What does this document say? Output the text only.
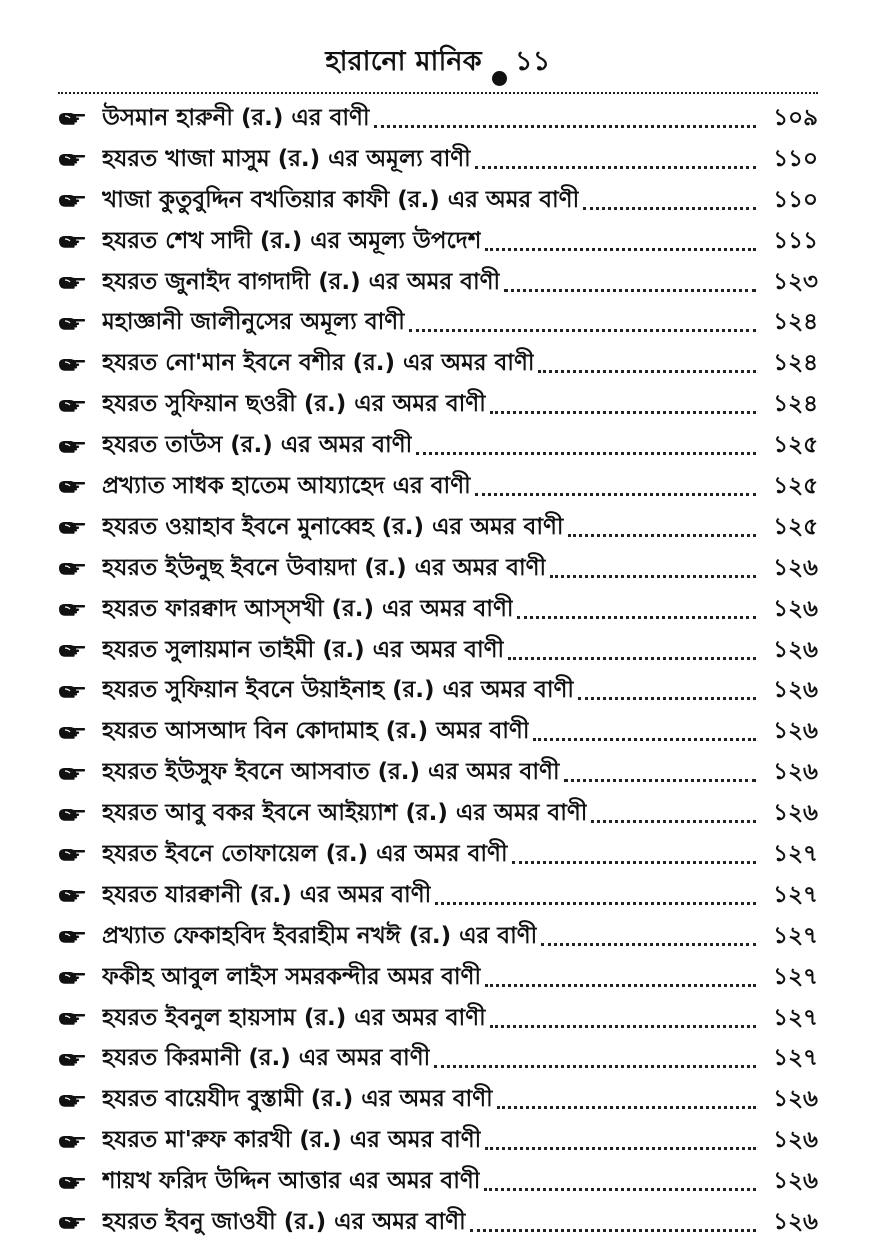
হারানো মানিক ১১
উসমান হারুনী (র.) এর বাণী	১০৯
হযরত খাজা মাসুম (র.) এর অমূল্য বাণী	১১০
খাজা কুতুবুদ্দিন বখতিয়ার কাফী (র.) এর অমর বাণী	১১০
হযরত শেখ সাদী (র.) এর অমূল্য উপদেশ	১১১
হযরত জুনাইদ বাগদাদী (র.) এর অমর বাণী	১২৩
মহাজ্ঞানী জালীনুসের অমূল্য বাণী	১২৪
হযরত নো'মান ইবনে বশীর (র.) এর অমর বাণী	১২৪
হযরত সুফিয়ান ছওরী (র.) এর অমর বাণী	১২৪
হযরত তাউস (র.) এর অমর বাণী	১২৫
প্রখ্যাত সাধক হাতেম আয্যাহেদ এর বাণী	১২৫
হযরত ওয়াহাব ইবনে মুনাব্বেহ (র.) এর অমর বাণী	১২৫
হযরত ইউনুছ ইবনে উবায়দা (র.) এর অমর বাণী	১২৬
হযরত ফারক্বাদ আস্সখী (র.) এর অমর বাণী	১২৬
হযরত সুলায়মান তাইমী (র.) এর অমর বাণী	১২৬
হযরত সুফিয়ান ইবনে উয়াইনাহ (র.) এর অমর বাণী	১২৬
হযরত আসআদ বিন কোদামাহ (র.) অমর বাণী	১২৬
হযরত ইউসুফ ইবনে আসবাত (র.) এর অমর বাণী	১২৬
হযরত আবু বকর ইবনে আইয়্যাশ (র.) এর অমর বাণী	১২৬
হযরত ইবনে তোফায়েল (র.) এর অমর বাণী	১২৭
হযরত যারক্বানী (র.) এর অমর বাণী	১২৭
প্রখ্যাত ফেকাহবিদ ইবরাহীম নখঈ (র.) এর বাণী	১২৭
ফকীহ আবুল লাইস সমরকন্দীর অমর বাণী	১২৭
হযরত ইবনুল হায়সাম (র.) এর অমর বাণী	১২৭
হযরত কিরমানী (র.) এর অমর বাণী	১২৭
হযরত বায়েযীদ বুস্তামী (র.) এর অমর বাণী	১২৬
হযরত মা'রুফ কারখী (র.) এর অমর বাণী	১২৬
শায়খ ফরিদ উদ্দিন আত্তার এর অমর বাণী	১২৬
হযরত ইবনু জাওযী (র.) এর অমর বাণী	১২৬
